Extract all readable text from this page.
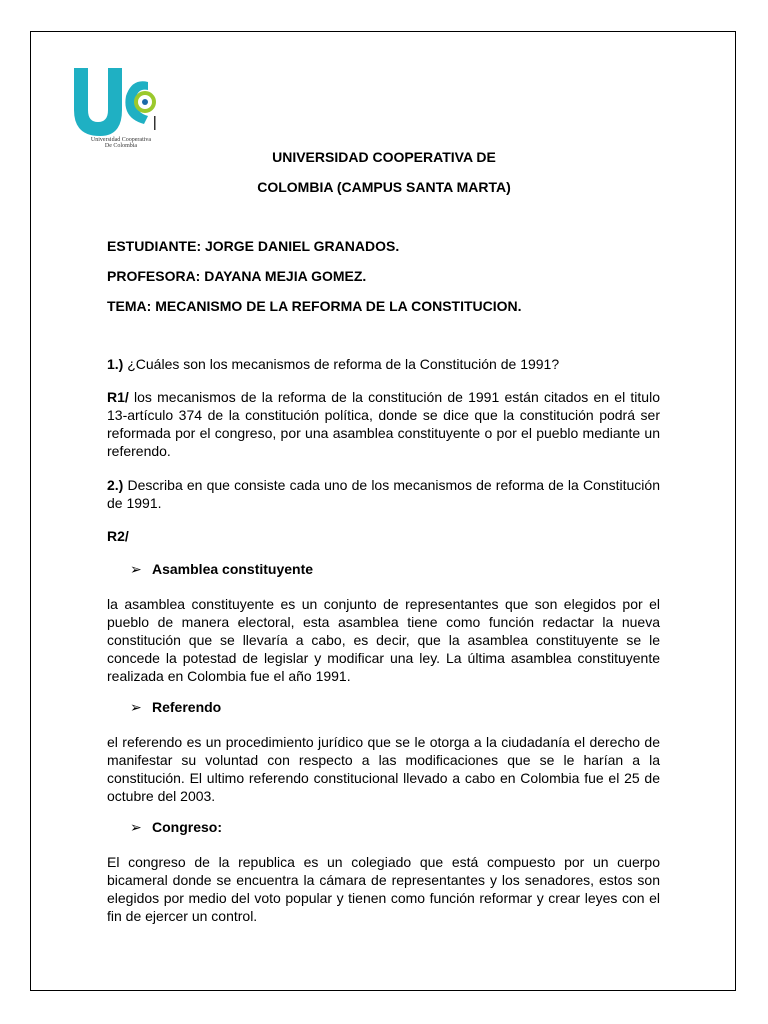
Universidad Cooperativa
De Colombia
UNIVERSIDAD COOPERATIVA DE
COLOMBIA (CAMPUS SANTA MARTA)
ESTUDIANTE: JORGE DANIEL GRANADOS.
PROFESORA: DAYANA MEJIA GOMEZ.
TEMA: MECANISMO DE LA REFORMA DE LA CONSTITUCION.
1.) ¿Cuáles son los mecanismos de reforma de la Constitución de 1991?
R1/ los mecanismos de la reforma de la constitución de 1991 están citados en el titulo 13-artículo 374 de la constitución política, donde se dice que la constitución podrá ser reformada por el congreso, por una asamblea constituyente o por el pueblo mediante un referendo.
2.) Describa en que consiste cada uno de los mecanismos de reforma de la Constitución de 1991.
R2/
➢ Asamblea constituyente
la asamblea constituyente es un conjunto de representantes que son elegidos por el pueblo de manera electoral, esta asamblea tiene como función redactar la nueva constitución que se llevaría a cabo, es decir, que la asamblea constituyente se le concede la potestad de legislar y modificar una ley. La última asamblea constituyente realizada en Colombia fue el año 1991.
➢ Referendo
el referendo es un procedimiento jurídico que se le otorga a la ciudadanía el derecho de manifestar su voluntad con respecto a las modificaciones que se le harían a la constitución. El ultimo referendo constitucional llevado a cabo en Colombia fue el 25 de octubre del 2003.
➢ Congreso:
El congreso de la republica es un colegiado que está compuesto por un cuerpo bicameral donde se encuentra la cámara de representantes y los senadores, estos son elegidos por medio del voto popular y tienen como función reformar y crear leyes con el fin de ejercer un control.
